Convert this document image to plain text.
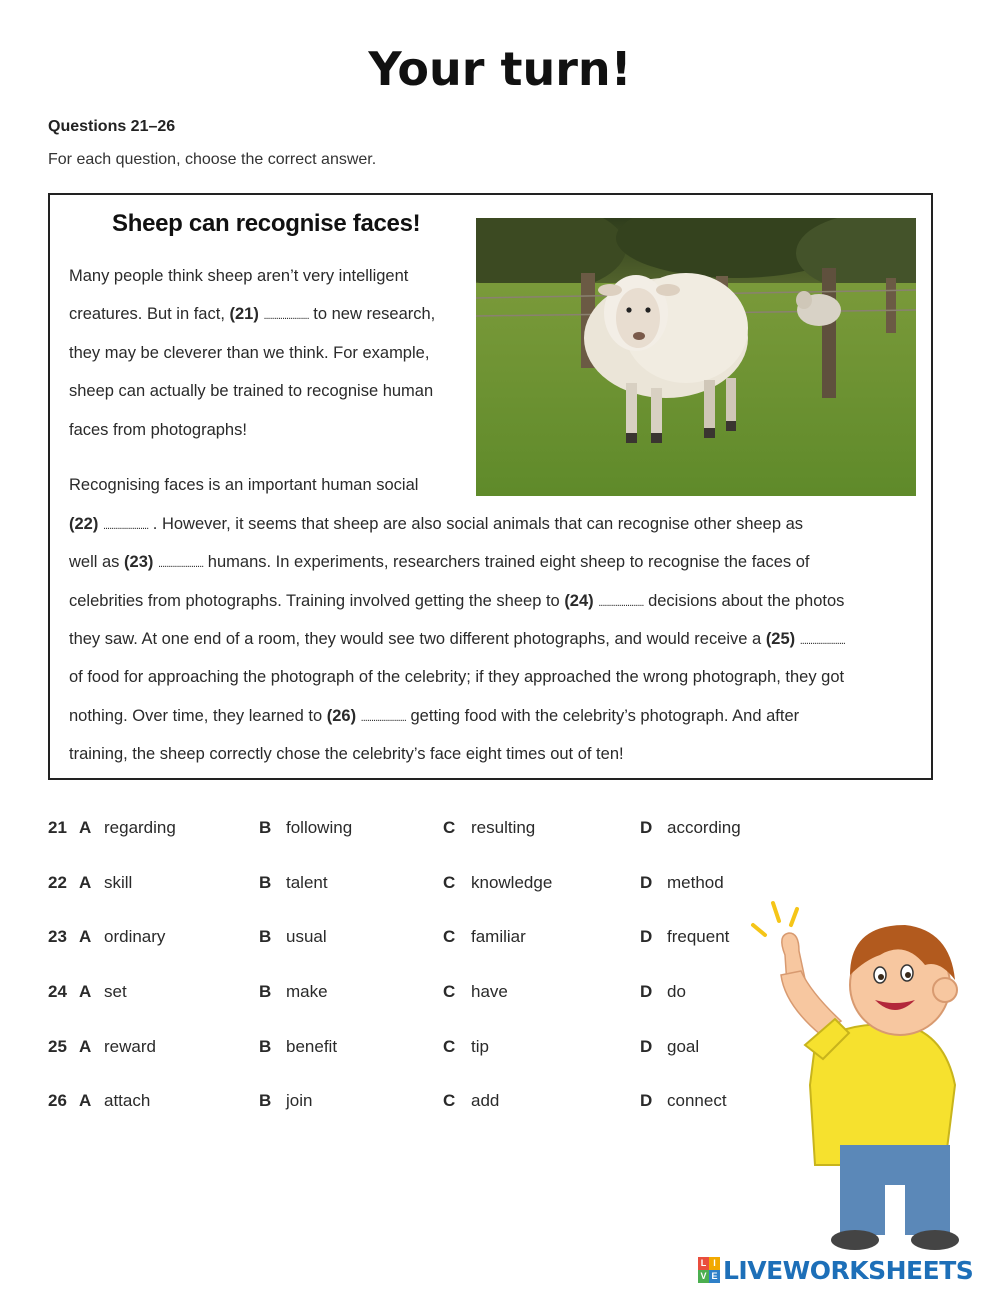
Your turn!
Questions 21–26
For each question, choose the correct answer.
Sheep can recognise faces!
Many people think sheep aren’t very intelligent
creatures. But in fact, (21) ...................... to new research,
they may be cleverer than we think. For example,
sheep can actually be trained to recognise human
faces from photographs!
Recognising faces is an important human social
(22) ...................... . However, it seems that sheep are also social animals that can recognise other sheep as
well as (23) ...................... humans. In experiments, researchers trained eight sheep to recognise the faces of
celebrities from photographs. Training involved getting the sheep to (24) ...................... decisions about the photos
they saw. At one end of a room, they would see two different photographs, and would receive a (25) ......................
of food for approaching the photograph of the celebrity; if they approached the wrong photograph, they got
nothing. Over time, they learned to (26) ...................... getting food with the celebrity’s photograph. And after
training, the sheep correctly chose the celebrity’s face eight times out of ten!
21 A regarding	B following	C resulting	D according
22 A skill	B talent	C knowledge	D method
23 A ordinary	B usual	C familiar	D frequent
24 A set	B make	C have	D do
25 A reward	B benefit	C tip	D goal
26 A attach	B join	C add	D connect
L I
V E LIVEWORKSHEETS
